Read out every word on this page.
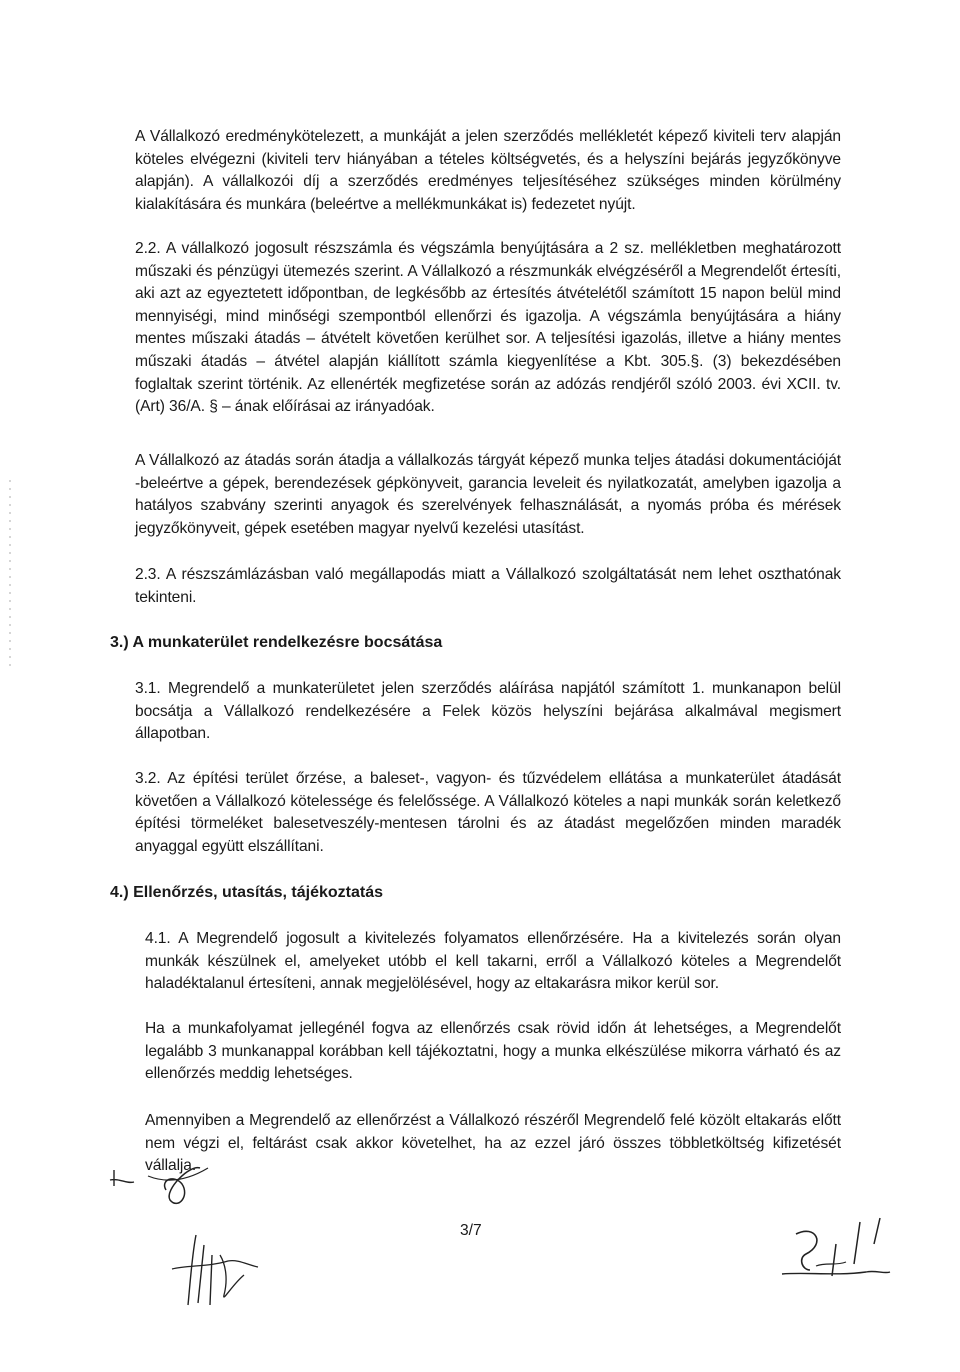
A Vállalkozó eredménykötelezett, a munkáját a jelen szerződés mellékletét képező kiviteli terv alapján köteles elvégezni (kiviteli terv hiányában a tételes költségvetés, és a helyszíni bejárás jegyzőkönyve alapján). A vállalkozói díj a szerződés eredményes teljesítéséhez szükséges minden körülmény kialakítására és munkára (beleértve a mellékmunkákat is) fedezetet nyújt.
2.2. A vállalkozó jogosult részszámla és végszámla benyújtására a 2 sz. mellékletben meghatározott műszaki és pénzügyi ütemezés szerint. A Vállalkozó a részmunkák elvégzéséről a Megrendelőt értesíti, aki azt az egyeztetett időpontban, de legkésőbb az értesítés átvételétől számított 15 napon belül mind mennyiségi, mind minőségi szempontból ellenőrzi és igazolja. A végszámla benyújtására a hiány mentes műszaki átadás – átvételt követően kerülhet sor. A teljesítési igazolás, illetve a hiány mentes műszaki átadás – átvétel alapján kiállított számla kiegyenlítése a Kbt. 305.§. (3) bekezdésében foglaltak szerint történik. Az ellenérték megfizetése során az adózás rendjéről szóló 2003. évi XCII. tv. (Art) 36/A. § – ának előírásai az irányadóak.
A Vállalkozó az átadás során átadja a vállalkozás tárgyát képező munka teljes átadási dokumentációját -beleértve a gépek, berendezések gépkönyveit, garancia leveleit és nyilatkozatát, amelyben igazolja a hatályos szabvány szerinti anyagok és szerelvények felhasználását, a nyomás próba és mérések jegyzőkönyveit, gépek esetében magyar nyelvű kezelési utasítást.
2.3. A részszámlázásban való megállapodás miatt a Vállalkozó szolgáltatását nem lehet oszthatónak tekinteni.
3.) A munkaterület rendelkezésre bocsátása
3.1. Megrendelő a munkaterületet jelen szerződés aláírása napjától számított 1. munkanapon belül bocsátja a Vállalkozó rendelkezésére a Felek közös helyszíni bejárása alkalmával megismert állapotban.
3.2. Az építési terület őrzése, a baleset-, vagyon- és tűzvédelem ellátása a munkaterület átadását követően a Vállalkozó kötelessége és felelőssége. A Vállalkozó köteles a napi munkák során keletkező építési törmeléket balesetveszély-mentesen tárolni és az átadást megelőzően minden maradék anyaggal együtt elszállítani.
4.) Ellenőrzés, utasítás, tájékoztatás
4.1. A Megrendelő jogosult a kivitelezés folyamatos ellenőrzésére. Ha a kivitelezés során olyan munkák készülnek el, amelyeket utóbb el kell takarni, erről a Vállalkozó köteles a Megrendelőt haladéktalanul értesíteni, annak megjelölésével, hogy az eltakarásra mikor kerül sor.
Ha a munkafolyamat jellegénél fogva az ellenőrzés csak rövid időn át lehetséges, a Megrendelőt legalább 3 munkanappal korábban kell tájékoztatni, hogy a munka elkészülése mikorra várható és az ellenőrzés meddig lehetséges.
Amennyiben a Megrendelő az ellenőrzést a Vállalkozó részéről Megrendelő felé közölt eltakarás előtt nem végzi el, feltárást csak akkor követelhet, ha az ezzel járó összes többletköltség kifizetését vállalja.
3/7
